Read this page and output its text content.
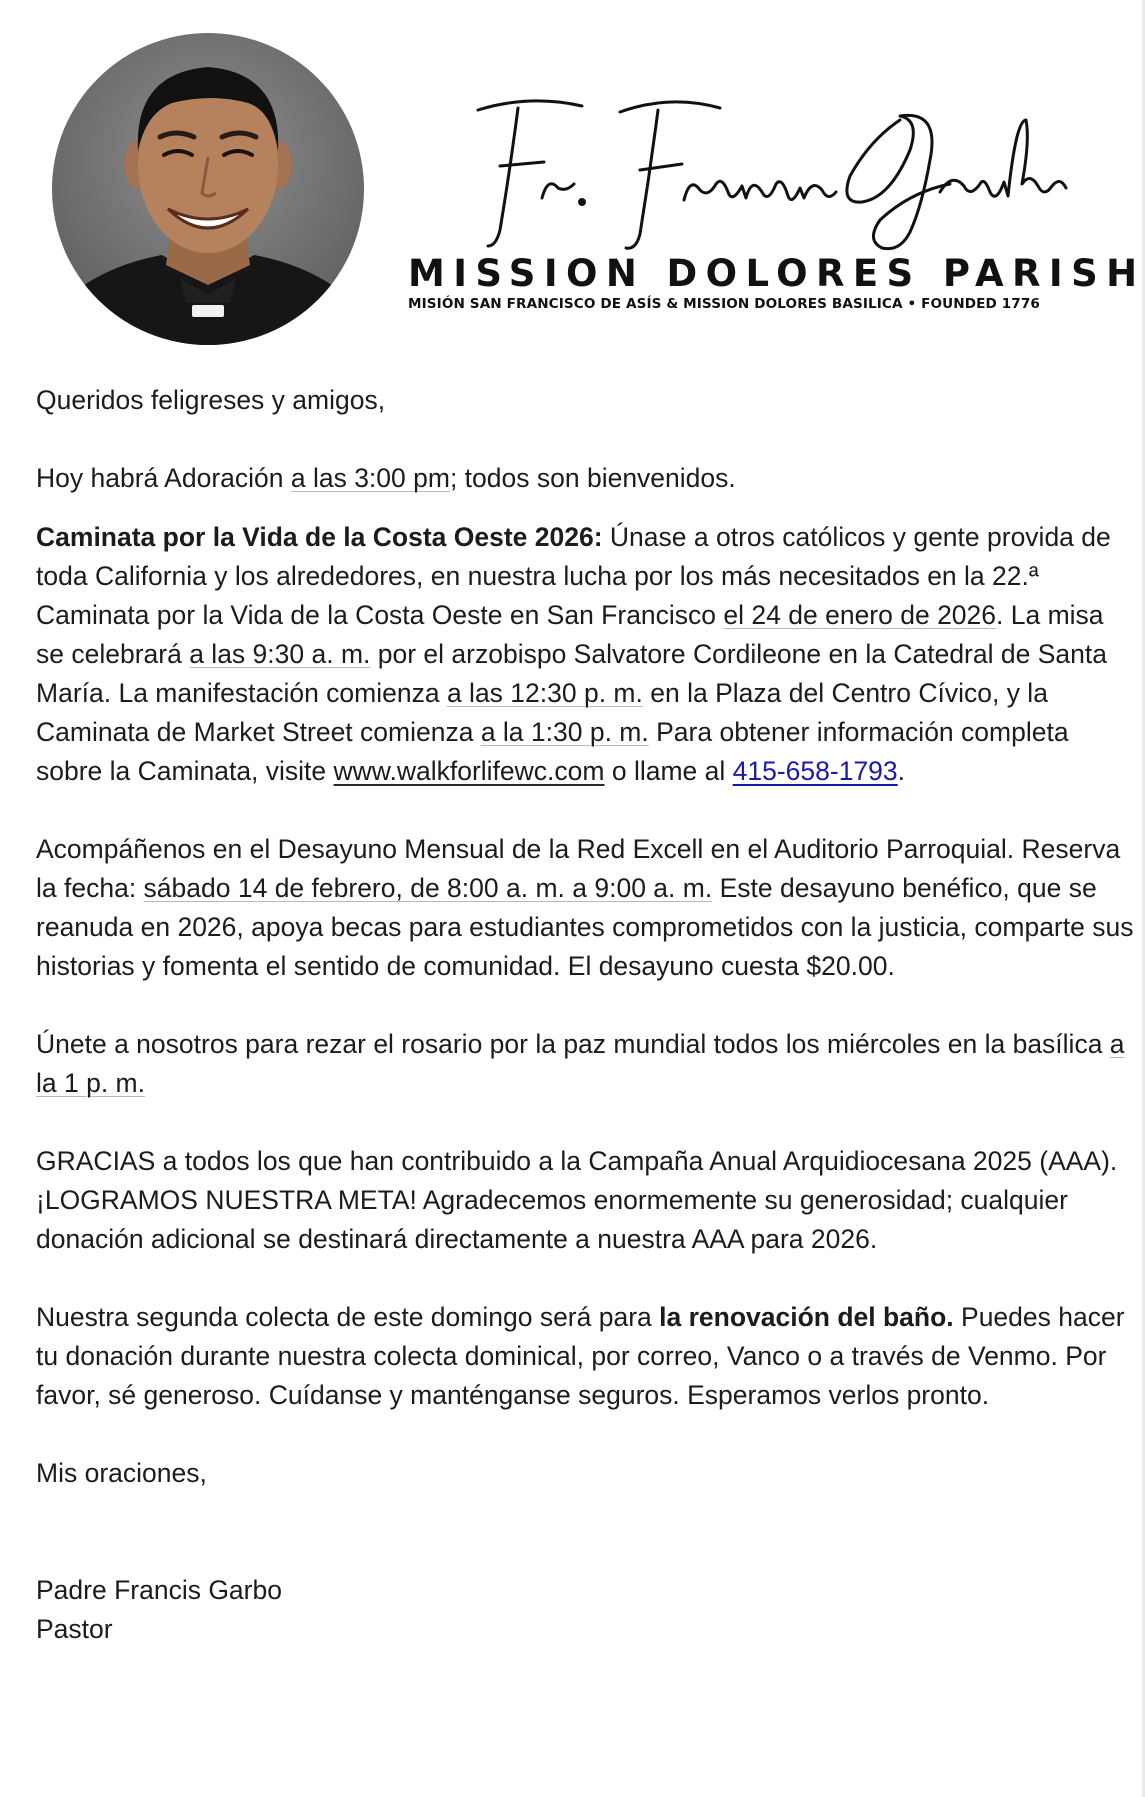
MISSION DOLORES PARISH
MISIÓN SAN FRANCISCO DE ASÍS & MISSION DOLORES BASILICA • FOUNDED 1776

Queridos feligreses y amigos,

Hoy habrá Adoración a las 3:00 pm; todos son bienvenidos.

Caminata por la Vida de la Costa Oeste 2026: Únase a otros católicos y gente provida de toda California y los alrededores, en nuestra lucha por los más necesitados en la 22.ª Caminata por la Vida de la Costa Oeste en San Francisco el 24 de enero de 2026. La misa se celebrará a las 9:30 a. m. por el arzobispo Salvatore Cordileone en la Catedral de Santa María. La manifestación comienza a las 12:30 p. m. en la Plaza del Centro Cívico, y la Caminata de Market Street comienza a la 1:30 p. m. Para obtener información completa sobre la Caminata, visite www.walkforlifewc.com o llame al 415-658-1793.

Acompáñenos en el Desayuno Mensual de la Red Excell en el Auditorio Parroquial. Reserva la fecha: sábado 14 de febrero, de 8:00 a. m. a 9:00 a. m. Este desayuno benéfico, que se reanuda en 2026, apoya becas para estudiantes comprometidos con la justicia, comparte sus historias y fomenta el sentido de comunidad. El desayuno cuesta $20.00.

Únete a nosotros para rezar el rosario por la paz mundial todos los miércoles en la basílica a la 1 p. m.

GRACIAS a todos los que han contribuido a la Campaña Anual Arquidiocesana 2025 (AAA). ¡LOGRAMOS NUESTRA META! Agradecemos enormemente su generosidad; cualquier donación adicional se destinará directamente a nuestra AAA para 2026.

Nuestra segunda colecta de este domingo será para la renovación del baño. Puedes hacer tu donación durante nuestra colecta dominical, por correo, Vanco o a través de Venmo. Por favor, sé generoso. Cuídanse y manténganse seguros. Esperamos verlos pronto.

Mis oraciones,

Padre Francis Garbo

Pastor
